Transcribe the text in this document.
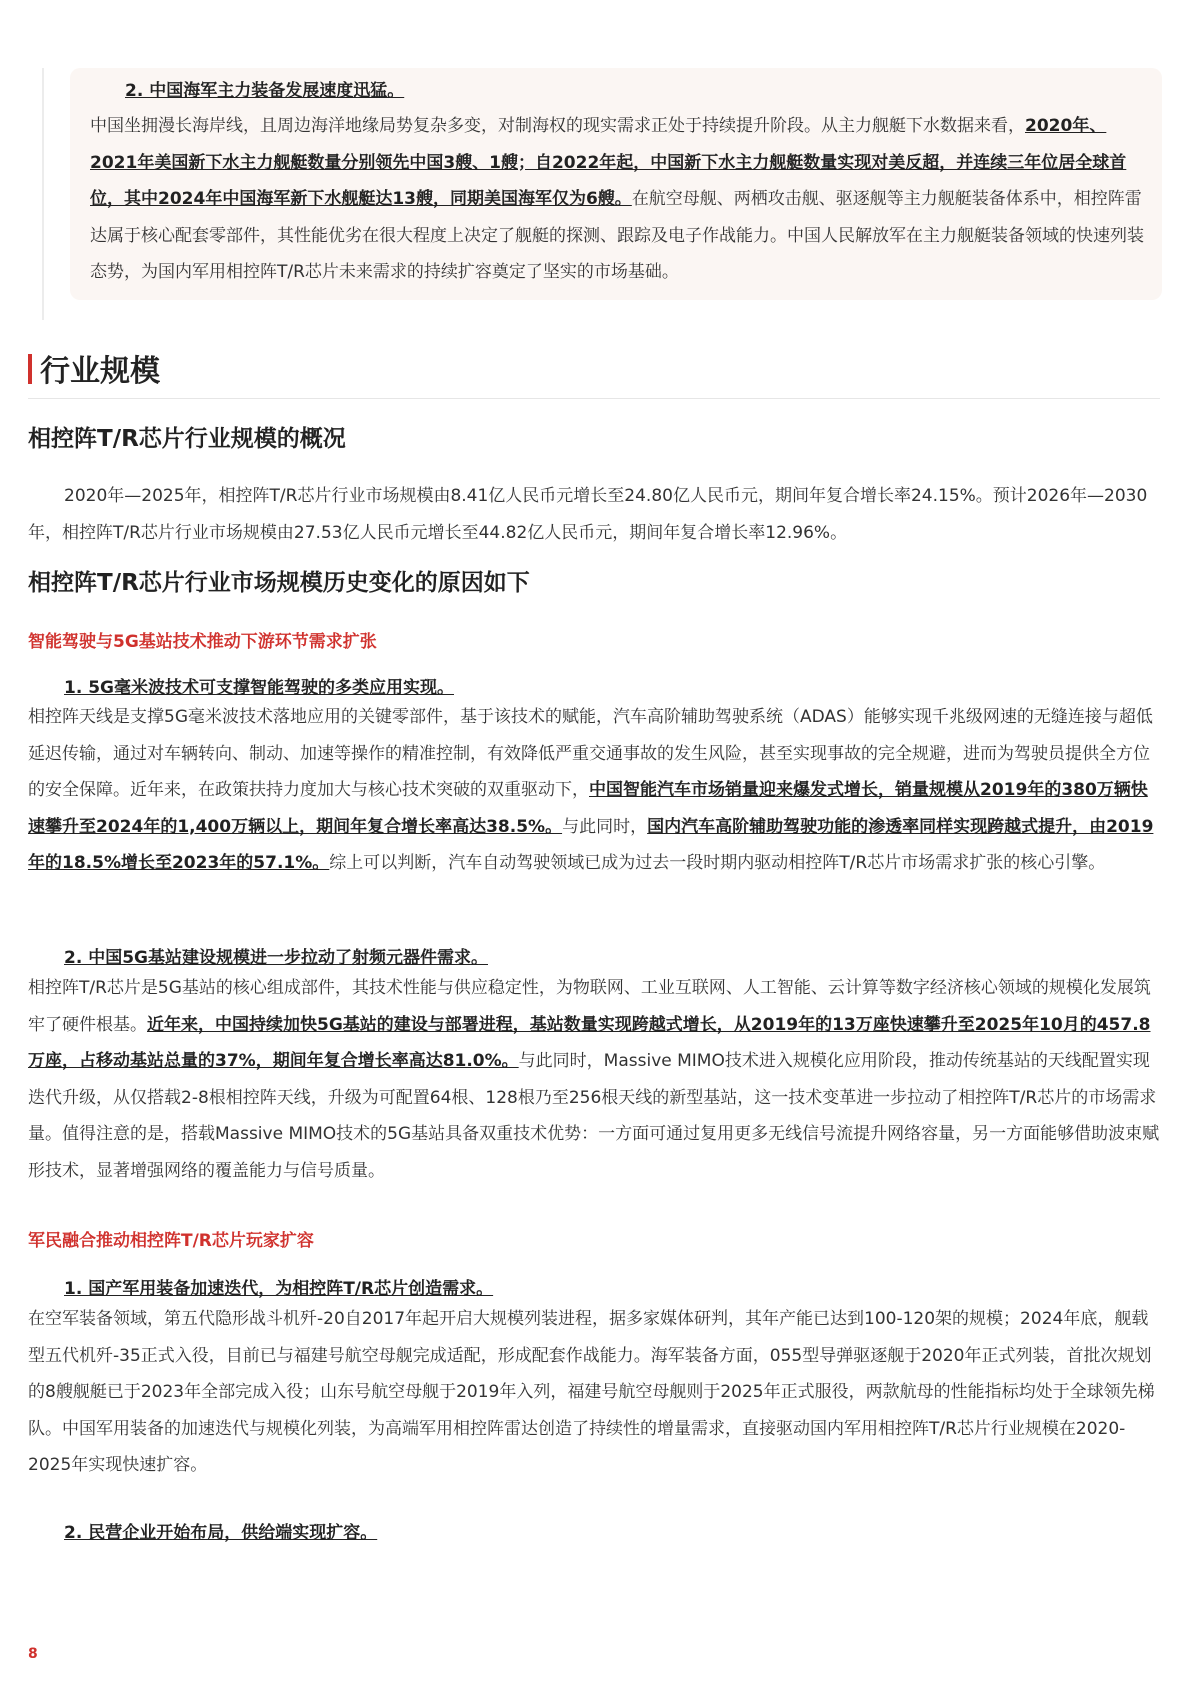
2. 中国海军主力装备发展速度迅猛。
中国坐拥漫长海岸线，且周边海洋地缘局势复杂多变，对制海权的现实需求正处于持续提升阶段。从主力舰艇下水数据来看，2020年、2021年美国新下水主力舰艇数量分别领先中国3艘、1艘；自2022年起，中国新下水主力舰艇数量实现对美反超，并连续三年位居全球首位，其中2024年中国海军新下水舰艇达13艘，同期美国海军仅为6艘。在航空母舰、两栖攻击舰、驱逐舰等主力舰艇装备体系中，相控阵雷达属于核心配套零部件，其性能优劣在很大程度上决定了舰艇的探测、跟踪及电子作战能力。中国人民解放军在主力舰艇装备领域的快速列装态势，为国内军用相控阵T/R芯片未来需求的持续扩容奠定了坚实的市场基础。
行业规模
相控阵T/R芯片行业规模的概况
2020年—2025年，相控阵T/R芯片行业市场规模由8.41亿人民币元增长至24.80亿人民币元，期间年复合增长率24.15%。预计2026年—2030年，相控阵T/R芯片行业市场规模由27.53亿人民币元增长至44.82亿人民币元，期间年复合增长率12.96%。
相控阵T/R芯片行业市场规模历史变化的原因如下
智能驾驶与5G基站技术推动下游环节需求扩张
1. 5G毫米波技术可支撑智能驾驶的多类应用实现。
相控阵天线是支撑5G毫米波技术落地应用的关键零部件，基于该技术的赋能，汽车高阶辅助驾驶系统（ADAS）能够实现千兆级网速的无缝连接与超低延迟传输，通过对车辆转向、制动、加速等操作的精准控制，有效降低严重交通事故的发生风险，甚至实现事故的完全规避，进而为驾驶员提供全方位的安全保障。近年来，在政策扶持力度加大与核心技术突破的双重驱动下，中国智能汽车市场销量迎来爆发式增长，销量规模从2019年的380万辆快速攀升至2024年的1,400万辆以上，期间年复合增长率高达38.5%。与此同时，国内汽车高阶辅助驾驶功能的渗透率同样实现跨越式提升，由2019年的18.5%增长至2023年的57.1%。综上可以判断，汽车自动驾驶领域已成为过去一段时期内驱动相控阵T/R芯片市场需求扩张的核心引擎。
2. 中国5G基站建设规模进一步拉动了射频元器件需求。
相控阵T/R芯片是5G基站的核心组成部件，其技术性能与供应稳定性，为物联网、工业互联网、人工智能、云计算等数字经济核心领域的规模化发展筑牢了硬件根基。近年来，中国持续加快5G基站的建设与部署进程，基站数量实现跨越式增长，从2019年的13万座快速攀升至2025年10月的457.8万座，占移动基站总量的37%，期间年复合增长率高达81.0%。与此同时，Massive MIMO技术进入规模化应用阶段，推动传统基站的天线配置实现迭代升级，从仅搭载2-8根相控阵天线，升级为可配置64根、128根乃至256根天线的新型基站，这一技术变革进一步拉动了相控阵T/R芯片的市场需求量。值得注意的是，搭载Massive MIMO技术的5G基站具备双重技术优势：一方面可通过复用更多无线信号流提升网络容量，另一方面能够借助波束赋形技术，显著增强网络的覆盖能力与信号质量。
军民融合推动相控阵T/R芯片玩家扩容
1. 国产军用装备加速迭代，为相控阵T/R芯片创造需求。
在空军装备领域，第五代隐形战斗机歼-20自2017年起开启大规模列装进程，据多家媒体研判，其年产能已达到100-120架的规模；2024年底，舰载型五代机歼-35正式入役，目前已与福建号航空母舰完成适配，形成配套作战能力。海军装备方面，055型导弹驱逐舰于2020年正式列装，首批次规划的8艘舰艇已于2023年全部完成入役；山东号航空母舰于2019年入列，福建号航空母舰则于2025年正式服役，两款航母的性能指标均处于全球领先梯队。中国军用装备的加速迭代与规模化列装，为高端军用相控阵雷达创造了持续性的增量需求，直接驱动国内军用相控阵T/R芯片行业规模在2020-2025年实现快速扩容。
2. 民营企业开始布局，供给端实现扩容。
8
